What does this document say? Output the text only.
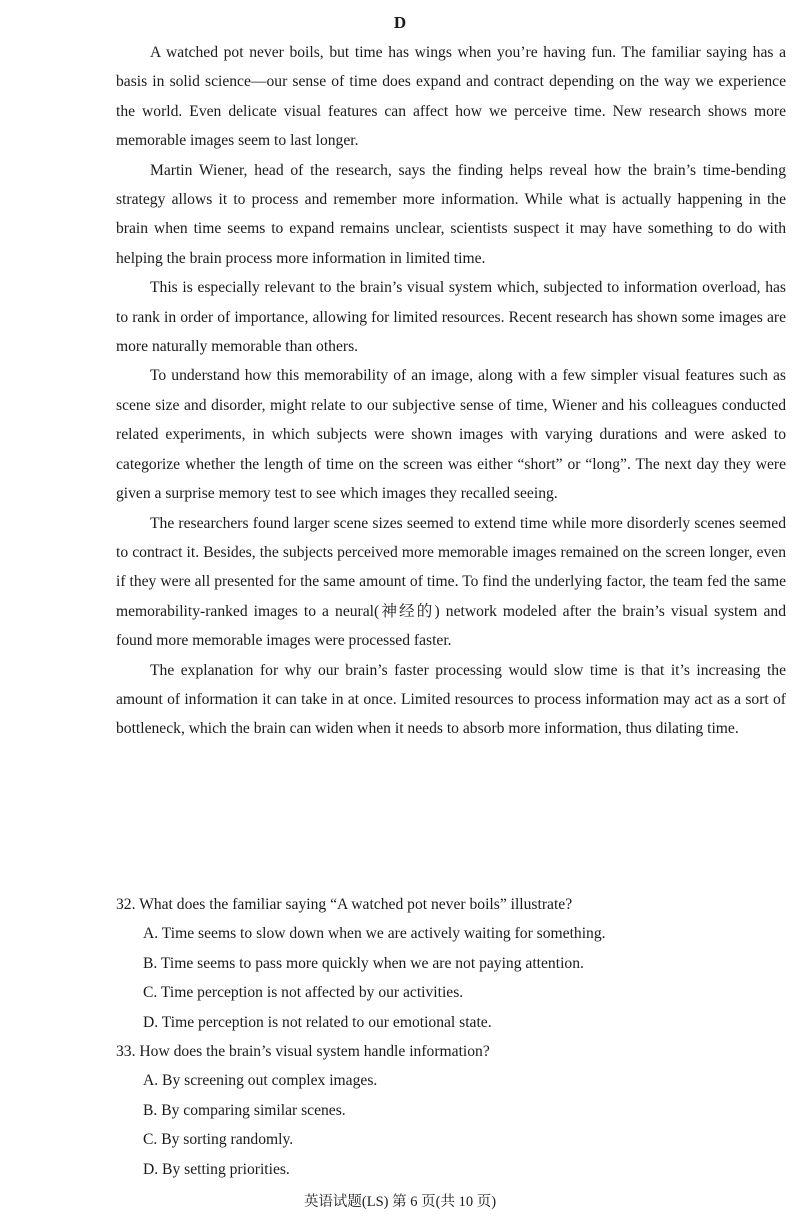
D

A watched pot never boils, but time has wings when you’re having fun. The familiar saying has a basis in solid science—our sense of time does expand and contract depending on the way we experience the world. Even delicate visual features can affect how we perceive time. New research shows more memorable images seem to last longer.

Martin Wiener, head of the research, says the finding helps reveal how the brain’s time-bending strategy allows it to process and remember more information. While what is actually happening in the brain when time seems to expand remains unclear, scientists suspect it may have something to do with helping the brain process more information in limited time.

This is especially relevant to the brain’s visual system which, subjected to information overload, has to rank in order of importance, allowing for limited resources. Recent research has shown some images are more naturally memorable than others.

To understand how this memorability of an image, along with a few simpler visual features such as scene size and disorder, might relate to our subjective sense of time, Wiener and his colleagues conducted related experiments, in which subjects were shown images with varying durations and were asked to categorize whether the length of time on the screen was either “short” or “long”. The next day they were given a surprise memory test to see which images they recalled seeing.

The researchers found larger scene sizes seemed to extend time while more disorderly scenes seemed to contract it. Besides, the subjects perceived more memorable images remained on the screen longer, even if they were all presented for the same amount of time. To find the underlying factor, the team fed the same memorability-ranked images to a neural(神经的) network modeled after the brain’s visual system and found more memorable images were processed faster.

The explanation for why our brain’s faster processing would slow time is that it’s increasing the amount of information it can take in at once. Limited resources to process information may act as a sort of bottleneck, which the brain can widen when it needs to absorb more information, thus dilating time.

32. What does the familiar saying “A watched pot never boils” illustrate?

A. Time seems to slow down when we are actively waiting for something.

B. Time seems to pass more quickly when we are not paying attention.

C. Time perception is not affected by our activities.

D. Time perception is not related to our emotional state.

33. How does the brain’s visual system handle information?

A. By screening out complex images.

B. By comparing similar scenes.

C. By sorting randomly.

D. By setting priorities.

英语试题(LS) 第 6 页(共 10 页)
